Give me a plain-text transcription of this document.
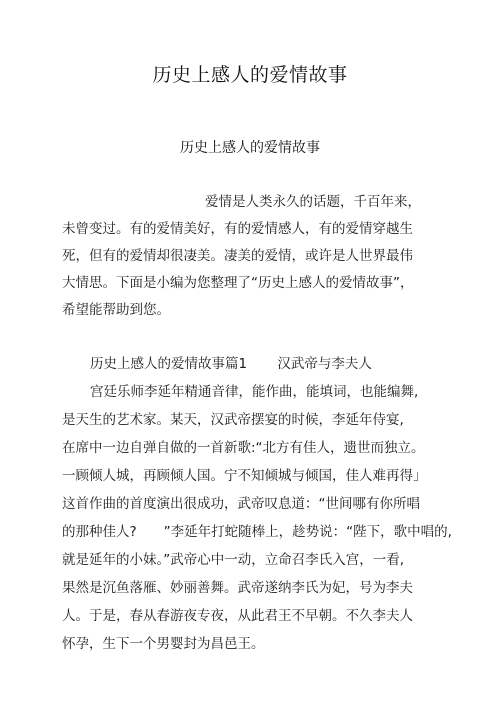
历史上感人的爱情故事
历史上感人的爱情故事
爱情是人类永久的话题，千百年来，
未曾变过。有的爱情美好，有的爱情感人，有的爱情穿越生
死，但有的爱情却很凄美。凄美的爱情，或许是人世界最伟
大情思。下面是小编为您整理了“历史上感人的爱情故事”，
希望能帮助到您。
历史上感人的爱情故事篇1 汉武帝与李夫人
宫廷乐师李延年精通音律，能作曲，能填词，也能编舞,
是天生的艺术家。某天，汉武帝摆宴的时候，李延年侍宴,
在席中一边自弹自做的一首新歌:“北方有佳人，遗世而独立。
一顾倾人城，再顾倾人国。宁不知倾城与倾国，佳人难再得」
这首作曲的首度演出很成功，武帝叹息道：“世间哪有你所唱
的那种佳人?　　”李延年打蛇随棒上，趁势说：“陛下，歌中唱的,
就是延年的小妹。”武帝心中一动，立命召李氏入宫，一看,
果然是沉鱼落雁、妙丽善舞。武帝遂纳李氏为妃，号为李夫
人。于是，春从春游夜专夜，从此君王不早朝。不久李夫人
怀孕，生下一个男婴封为昌邑王。
